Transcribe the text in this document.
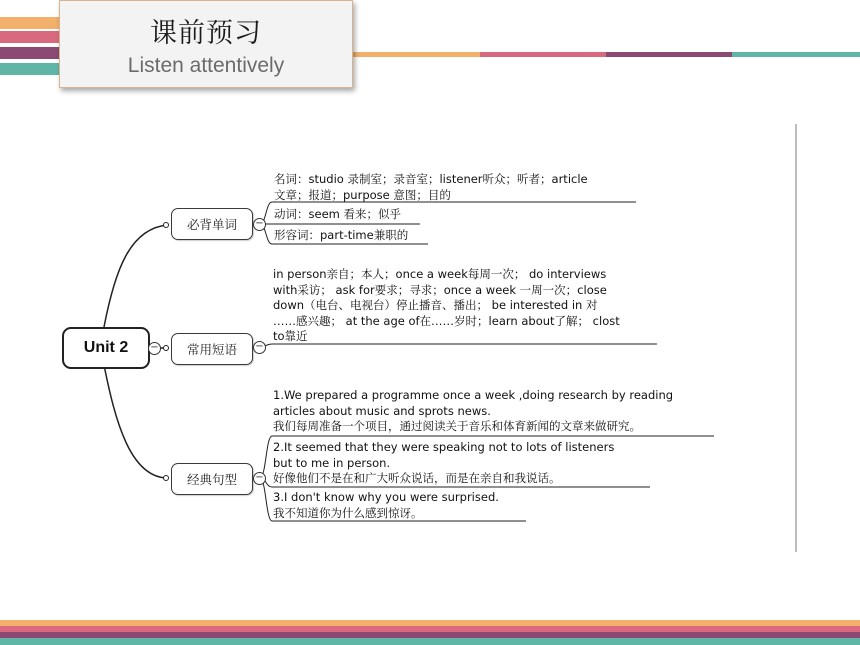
课前预习
Listen attentively
Unit 2	−
必背单词	−
常用短语	−
经典句型	−
名词：studio 录制室；录音室；listener听众；听者；article
文章；报道；purpose 意图；目的
动词：seem 看来；似乎
形容词：part-time兼职的
in person亲自；本人；once a week每周一次； do interviews
with采访； ask for要求；寻求；once a week 一周一次；close
down（电台、电视台）停止播音、播出； be interested in 对
……感兴趣； at the age of在……岁时；learn about了解； clost
to靠近
1.We prepared a programme once a week ,doing research by reading
articles about music and sprots news.
我们每周准备一个项目，通过阅读关于音乐和体育新闻的文章来做研究。
2.It seemed that they were speaking not to lots of listeners
but to me in person.
好像他们不是在和广大听众说话，而是在亲自和我说话。
3.I don't know why you were surprised.
我不知道你为什么感到惊讶。
